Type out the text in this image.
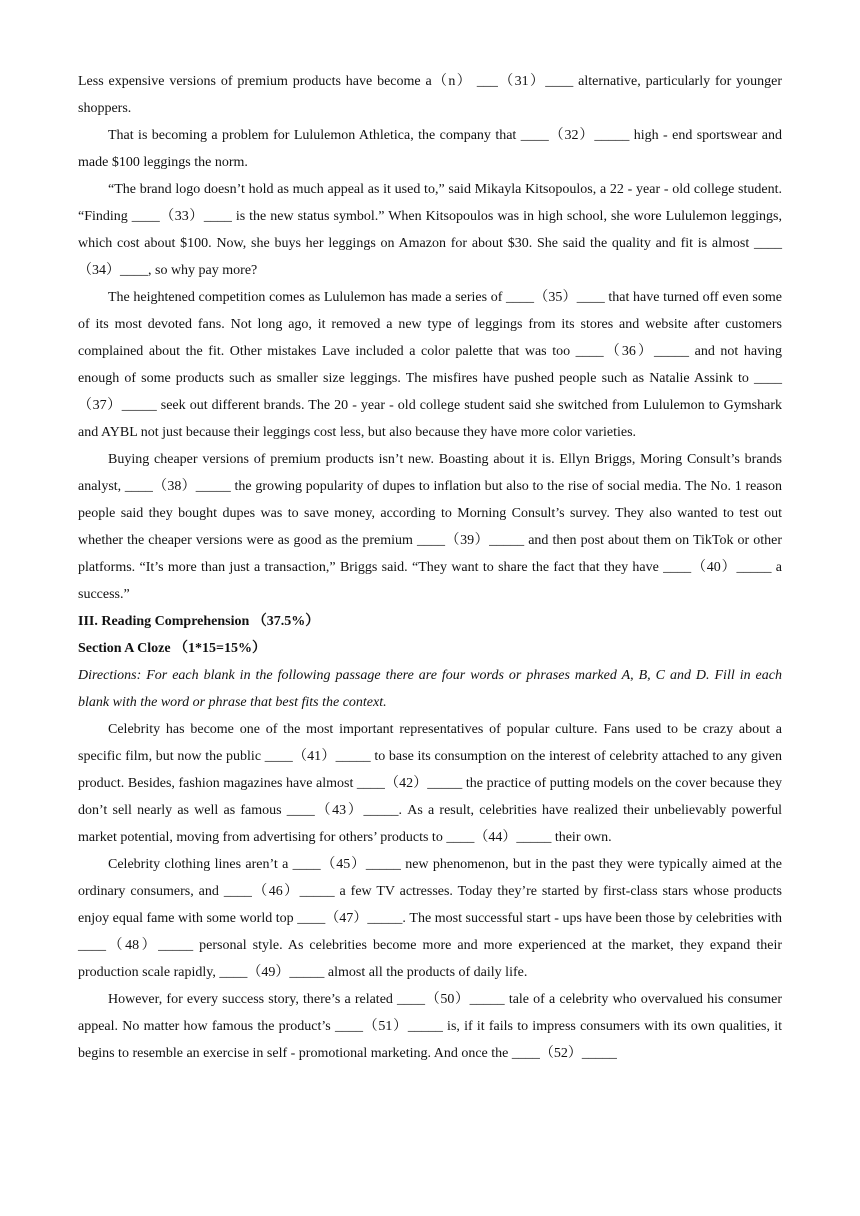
Less expensive versions of premium products have become a（n） ___（31）____ alternative, particularly for younger shoppers.

That is becoming a problem for Lululemon Athletica, the company that ____（32）_____ high - end sportswear and made $100 leggings the norm.

“The brand logo doesn’t hold as much appeal as it used to,” said Mikayla Kitsopoulos, a 22 - year - old college student. “Finding ____（33）____ is the new status symbol.” When Kitsopoulos was in high school, she wore Lululemon leggings, which cost about $100. Now, she buys her leggings on Amazon for about $30. She said the quality and fit is almost ____（34）____, so why pay more?

The heightened competition comes as Lululemon has made a series of ____（35）____ that have turned off even some of its most devoted fans. Not long ago, it removed a new type of leggings from its stores and website after customers complained about the fit. Other mistakes Lave included a color palette that was too ____（36）_____ and not having enough of some products such as smaller size leggings. The misfires have pushed people such as Natalie Assink to ____（37）_____ seek out different brands. The 20 - year - old college student said she switched from Lululemon to Gymshark and AYBL not just because their leggings cost less, but also because they have more color varieties.

Buying cheaper versions of premium products isn’t new. Boasting about it is. Ellyn Briggs, Moring Consult’s brands analyst, ____（38）_____ the growing popularity of dupes to inflation but also to the rise of social media. The No. 1 reason people said they bought dupes was to save money, according to Morning Consult’s survey. They also wanted to test out whether the cheaper versions were as good as the premium ____（39）_____ and then post about them on TikTok or other platforms. “It’s more than just a transaction,” Briggs said. “They want to share the fact that they have ____（40）_____ a success.”

III. Reading Comprehension （37.5%）

Section A Cloze （1*15=15%）

Directions: For each blank in the following passage there are four words or phrases marked A, B, C and D. Fill in each blank with the word or phrase that best fits the context.

Celebrity has become one of the most important representatives of popular culture. Fans used to be crazy about a specific film, but now the public ____（41）_____ to base its consumption on the interest of celebrity attached to any given product. Besides, fashion magazines have almost ____（42）_____ the practice of putting models on the cover because they don’t sell nearly as well as famous ____（43）_____. As a result, celebrities have realized their unbelievably powerful market potential, moving from advertising for others’ products to ____（44）_____ their own.

Celebrity clothing lines aren’t a ____（45）_____ new phenomenon, but in the past they were typically aimed at the ordinary consumers, and ____（46）_____ a few TV actresses. Today they’re started by first-class stars whose products enjoy equal fame with some world top ____（47）_____. The most successful start - ups have been those by celebrities with ____（48）_____ personal style. As celebrities become more and more experienced at the market, they expand their production scale rapidly, ____（49）_____ almost all the products of daily life.

However, for every success story, there’s a related ____（50）_____ tale of a celebrity who overvalued his consumer appeal. No matter how famous the product’s ____（51）_____ is, if it fails to impress consumers with its own qualities, it begins to resemble an exercise in self - promotional marketing. And once the ____（52）_____
